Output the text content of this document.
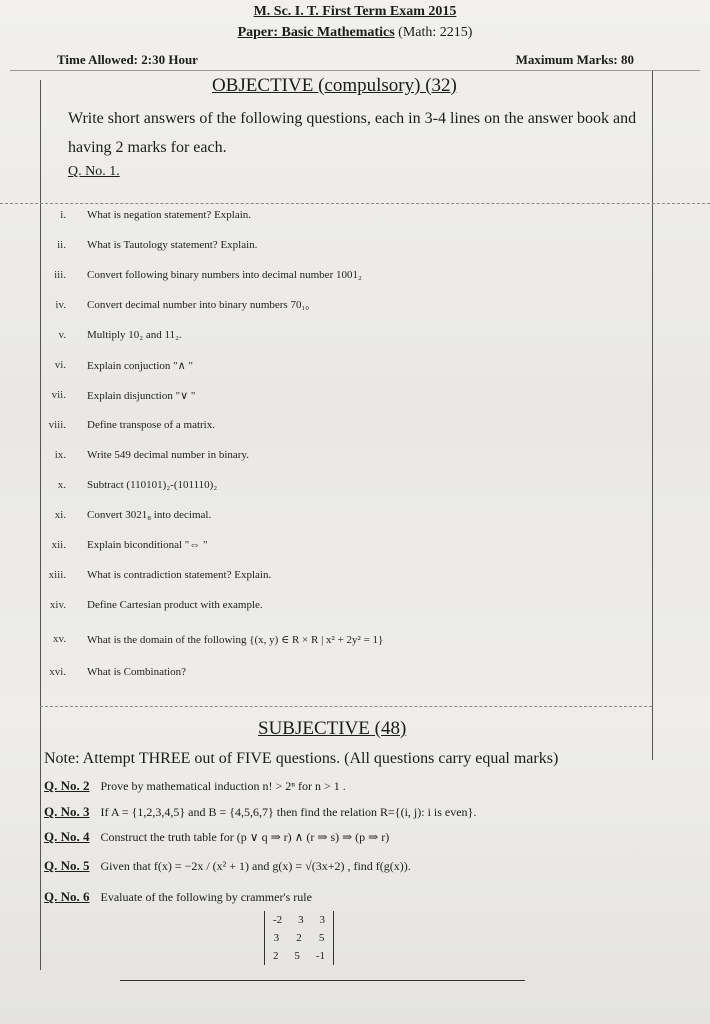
M. Sc. I. T. First Term Exam 2015
Paper: Basic Mathematics (Math: 2215)
Time Allowed: 2:30 Hour	Maximum Marks: 80
OBJECTIVE (compulsory) (32)
Write short answers of the following questions, each in 3-4 lines on the answer book and having 2 marks for each.
Q. No. 1.
i. What is negation statement? Explain.
ii. What is Tautology statement? Explain.
iii. Convert following binary numbers into decimal number 1001₂
iv. Convert decimal number into binary numbers 70₁₀
v. Multiply 10₂ and 11₂.
vi. Explain conjuction "∧ "
vii. Explain disjunction "∨ "
viii. Define transpose of a matrix.
ix. Write 549 decimal number in binary.
x. Subtract (110101)₂-(101110)₂
xi. Convert 3021₈ into decimal.
xii. Explain biconditional "⇔ "
xiii. What is contradiction statement? Explain.
xiv. Define Cartesian product with example.
xv. What is the domain of the following {(x, y) ∈ R × R | x² + 2y² = 1}
xvi. What is Combination?
SUBJECTIVE (48)
Note: Attempt THREE out of FIVE questions. (All questions carry equal marks)
Q. No. 2 Prove by mathematical induction n! > 2ⁿ for n > 1 .
Q. No. 3 If A = {1,2,3,4,5} and B = {4,5,6,7} then find the relation R={(i, j): i is even}.
Q. No. 4 Construct the truth table for (p ∨ q ⇒ r) ∧ (r ⇒ s) ⇒ (p ⇒ r)
Q. No. 5 Given that f(x) = −2x / (x² + 1) and g(x) = √(3x+2) , find f(g(x)).
Q. No. 6 Evaluate of the following by crammer's rule
-2 3 3
3 2 5
2 5 -1
